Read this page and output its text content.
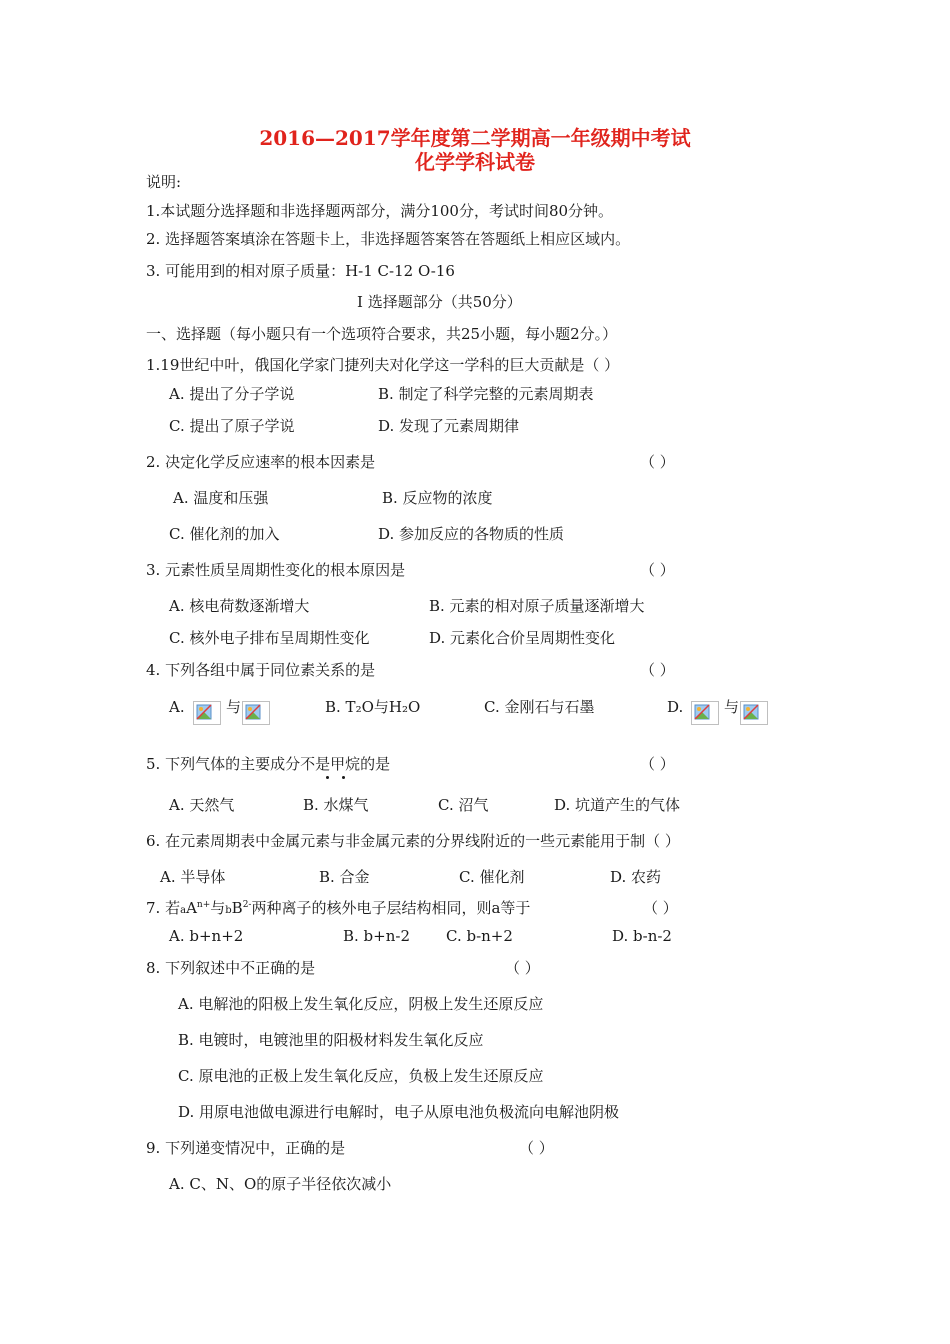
2016—2017学年度第二学期高一年级期中考试
化学学科试卷
说明:
1.本试题分选择题和非选择题两部分，满分100分，考试时间80分钟。
2. 选择题答案填涂在答题卡上，非选择题答案答在答题纸上相应区域内。
3. 可能用到的相对原子质量：H-1 C-12 O-16
Ⅰ 选择题部分（共50分）
一、选择题（每小题只有一个选项符合要求，共25小题，每小题2分。）
1.19世纪中叶，俄国化学家门捷列夫对化学这一学科的巨大贡献是（ ）
A. 提出了分子学说	B. 制定了科学完整的元素周期表
C. 提出了原子学说	D. 发现了元素周期律
2. 决定化学反应速率的根本因素是	（ ）
A. 温度和压强	B. 反应物的浓度
C. 催化剂的加入	D. 参加反应的各物质的性质
3. 元素性质呈周期性变化的根本原因是	（ ）
A. 核电荷数逐渐增大	B. 元素的相对原子质量逐渐增大
C. 核外电子排布呈周期性变化	D. 元素化合价呈周期性变化
4. 下列各组中属于同位素关系的是	（ ）
A.	与	B. T₂O与H₂O	C. 金刚石与石墨	D.	与
5. 下列气体的主要成分不是甲烷的是	（ ）
A. 天然气	B. 水煤气	C. 沼气	D. 坑道产生的气体
6. 在元素周期表中金属元素与非金属元素的分界线附近的一些元素能用于制（ ）
A. 半导体	B. 合金	C. 催化剂	D. 农药
7. 若$aA^{n+}$与$bB^{2-}$两种离子的核外电子层结构相同，则a等于	（ ）
A. b+n+2	B. b+n-2 C. b-n+2	D. b-n-2
8. 下列叙述中不正确的是	（ ）
A. 电解池的阳极上发生氧化反应，阴极上发生还原反应
B. 电镀时，电镀池里的阳极材料发生氧化反应
C. 原电池的正极上发生氧化反应，负极上发生还原反应
D. 用原电池做电源进行电解时，电子从原电池负极流向电解池阴极
9. 下列递变情况中，正确的是	（ ）
A. C、N、O的原子半径依次减小
